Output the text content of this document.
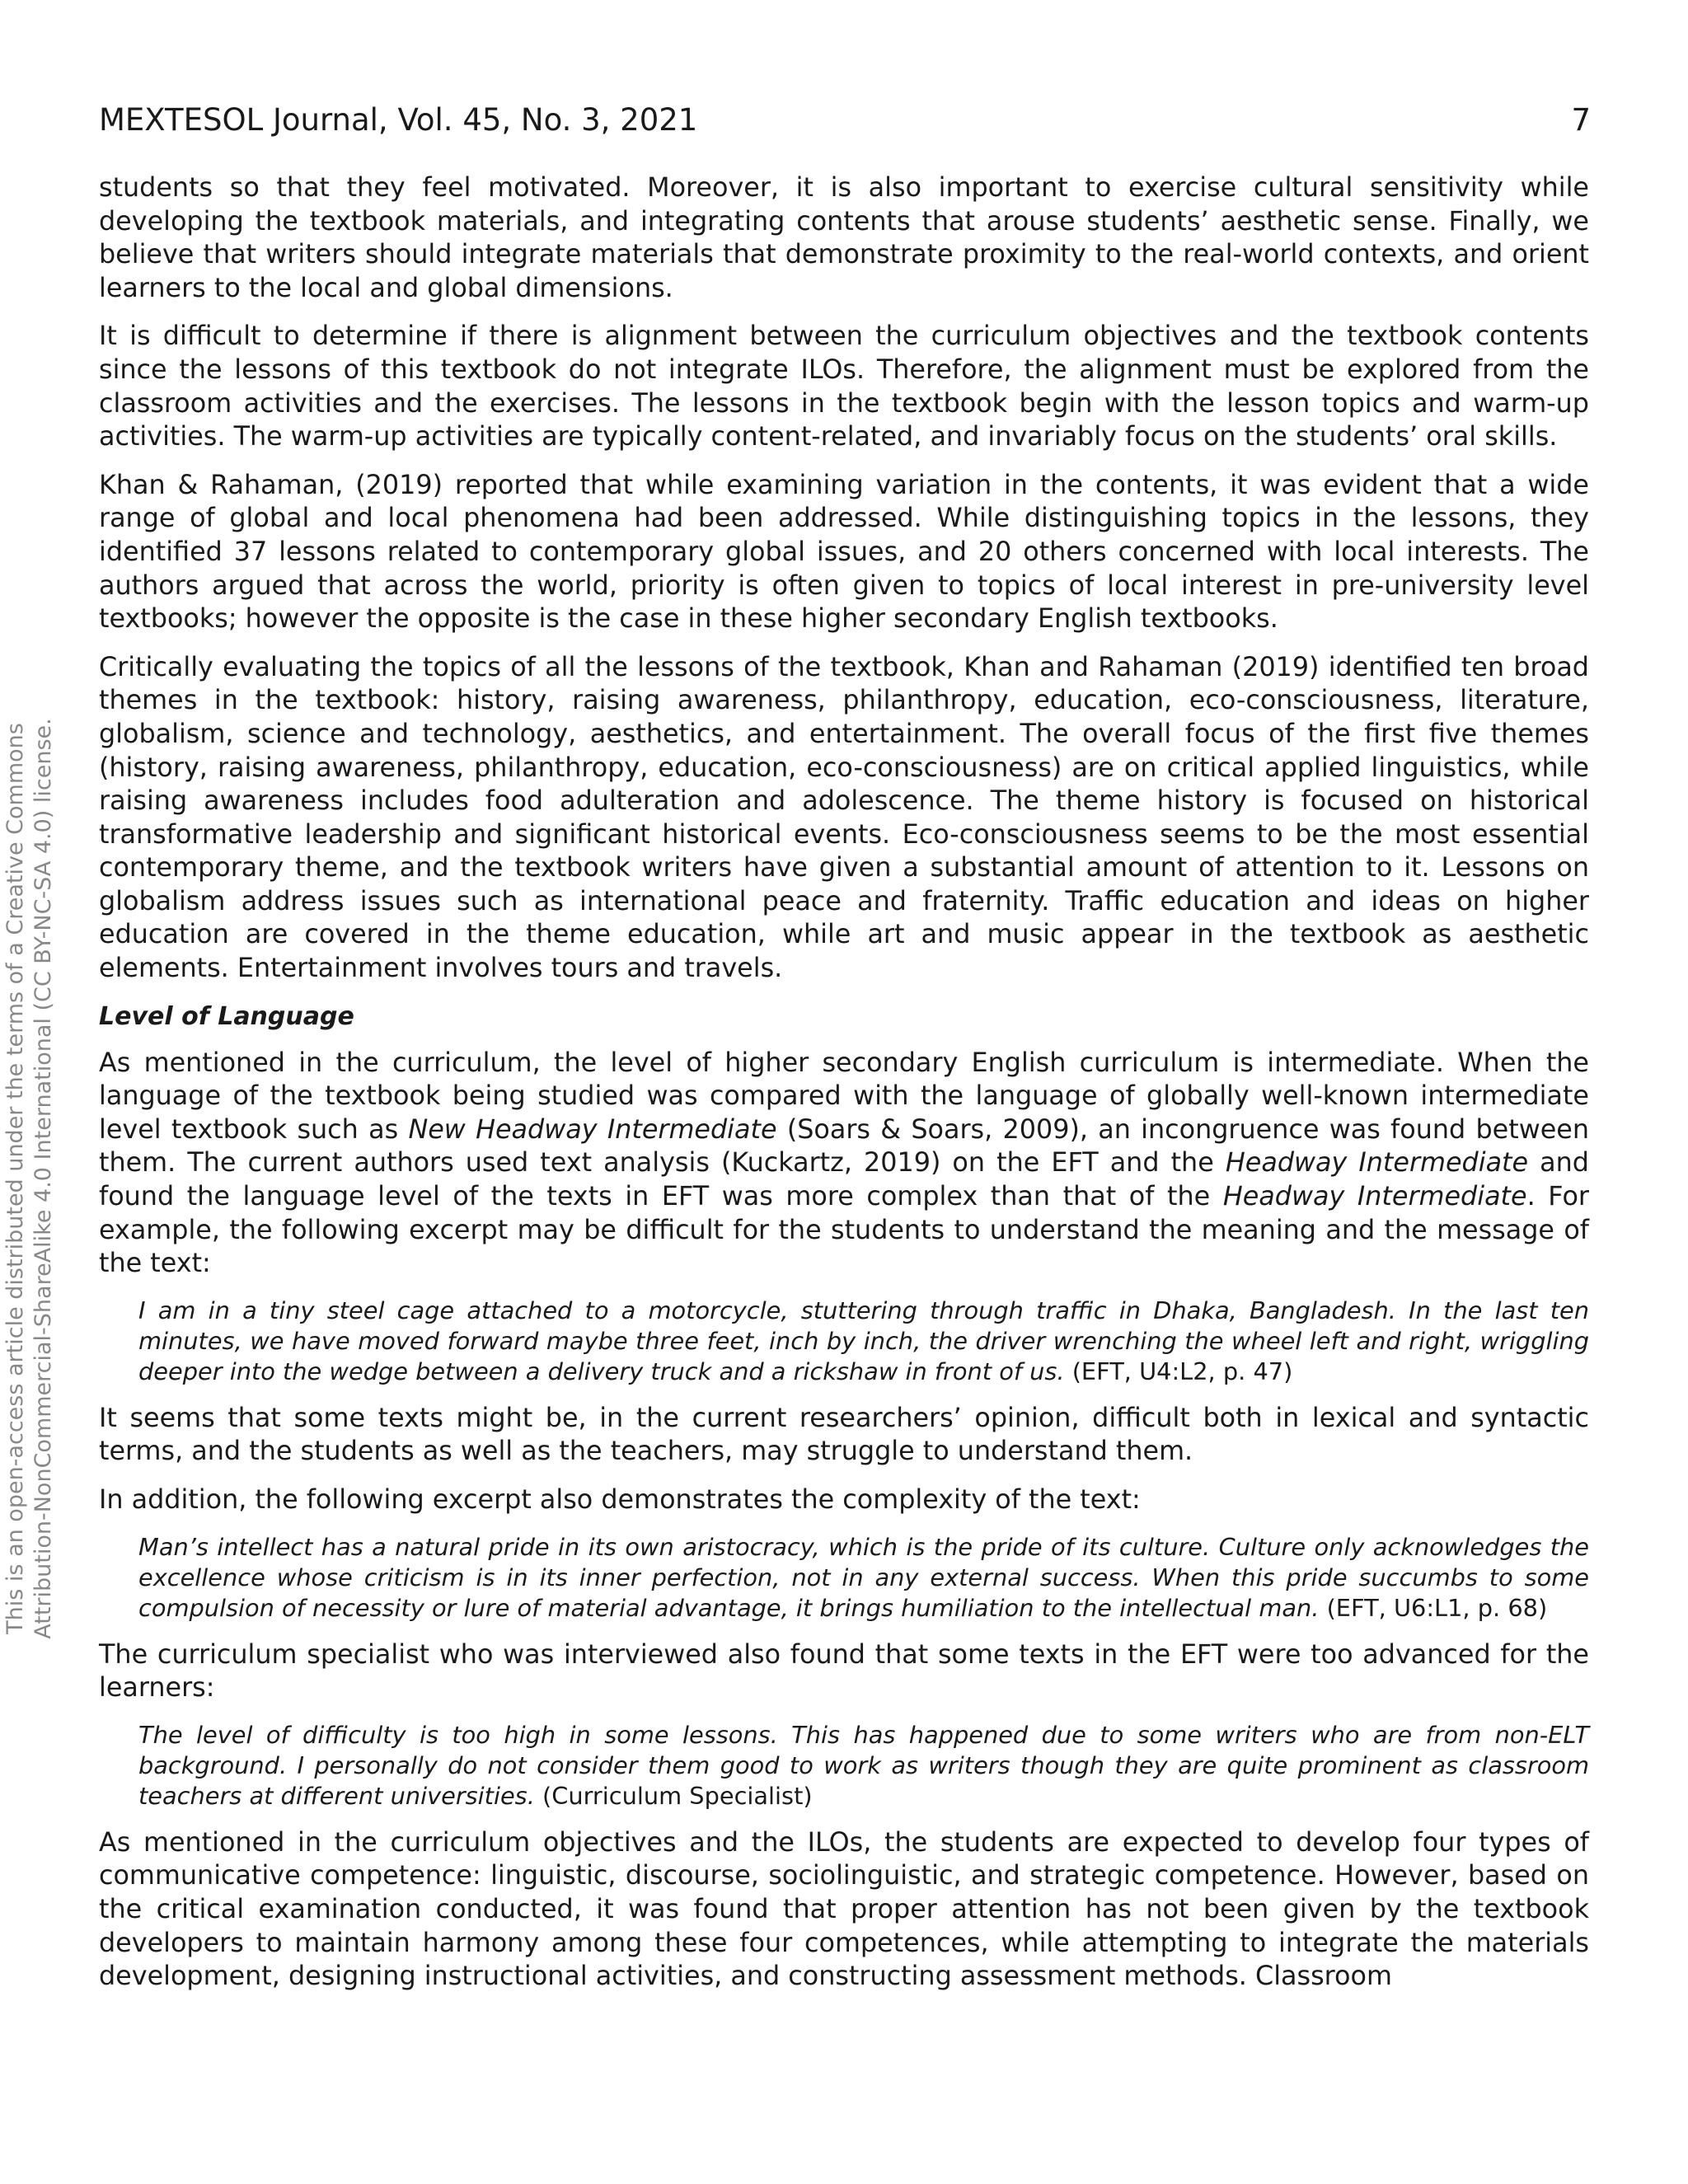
MEXTESOL Journal, Vol. 45, No. 3, 2021	7
This is an open-access article distributed under the terms of a Creative Commons Attribution-NonCommercial-ShareAlike 4.0 International (CC BY-NC-SA 4.0) license.

students so that they feel motivated. Moreover, it is also important to exercise cultural sensitivity while developing the textbook materials, and integrating contents that arouse students’ aesthetic sense. Finally, we believe that writers should integrate materials that demonstrate proximity to the real-world contexts, and orient learners to the local and global dimensions.

It is difficult to determine if there is alignment between the curriculum objectives and the textbook contents since the lessons of this textbook do not integrate ILOs. Therefore, the alignment must be explored from the classroom activities and the exercises. The lessons in the textbook begin with the lesson topics and warm-up activities. The warm-up activities are typically content-related, and invariably focus on the students’ oral skills.

Khan & Rahaman, (2019) reported that while examining variation in the contents, it was evident that a wide range of global and local phenomena had been addressed. While distinguishing topics in the lessons, they identified 37 lessons related to contemporary global issues, and 20 others concerned with local interests. The authors argued that across the world, priority is often given to topics of local interest in pre-university level textbooks; however the opposite is the case in these higher secondary English textbooks.

Critically evaluating the topics of all the lessons of the textbook, Khan and Rahaman (2019) identified ten broad themes in the textbook: history, raising awareness, philanthropy, education, eco-consciousness, literature, globalism, science and technology, aesthetics, and entertainment. The overall focus of the first five themes (history, raising awareness, philanthropy, education, eco-consciousness) are on critical applied linguistics, while raising awareness includes food adulteration and adolescence. The theme history is focused on historical transformative leadership and significant historical events. Eco-consciousness seems to be the most essential contemporary theme, and the textbook writers have given a substantial amount of attention to it. Lessons on globalism address issues such as international peace and fraternity. Traffic education and ideas on higher education are covered in the theme education, while art and music appear in the textbook as aesthetic elements. Entertainment involves tours and travels.

Level of Language

As mentioned in the curriculum, the level of higher secondary English curriculum is intermediate. When the language of the textbook being studied was compared with the language of globally well-known intermediate level textbook such as New Headway Intermediate (Soars & Soars, 2009), an incongruence was found between them. The current authors used text analysis (Kuckartz, 2019) on the EFT and the Headway Intermediate and found the language level of the texts in EFT was more complex than that of the Headway Intermediate. For example, the following excerpt may be difficult for the students to understand the meaning and the message of the text:

I am in a tiny steel cage attached to a motorcycle, stuttering through traffic in Dhaka, Bangladesh. In the last ten minutes, we have moved forward maybe three feet, inch by inch, the driver wrenching the wheel left and right, wriggling deeper into the wedge between a delivery truck and a rickshaw in front of us. (EFT, U4:L2, p. 47)

It seems that some texts might be, in the current researchers’ opinion, difficult both in lexical and syntactic terms, and the students as well as the teachers, may struggle to understand them.

In addition, the following excerpt also demonstrates the complexity of the text:

Man’s intellect has a natural pride in its own aristocracy, which is the pride of its culture. Culture only acknowledges the excellence whose criticism is in its inner perfection, not in any external success. When this pride succumbs to some compulsion of necessity or lure of material advantage, it brings humiliation to the intellectual man. (EFT, U6:L1, p. 68)

The curriculum specialist who was interviewed also found that some texts in the EFT were too advanced for the learners:

The level of difficulty is too high in some lessons. This has happened due to some writers who are from non-ELT background. I personally do not consider them good to work as writers though they are quite prominent as classroom teachers at different universities. (Curriculum Specialist)

As mentioned in the curriculum objectives and the ILOs, the students are expected to develop four types of communicative competence: linguistic, discourse, sociolinguistic, and strategic competence. However, based on the critical examination conducted, it was found that proper attention has not been given by the textbook developers to maintain harmony among these four competences, while attempting to integrate the materials development, designing instructional activities, and constructing assessment methods. Classroom
